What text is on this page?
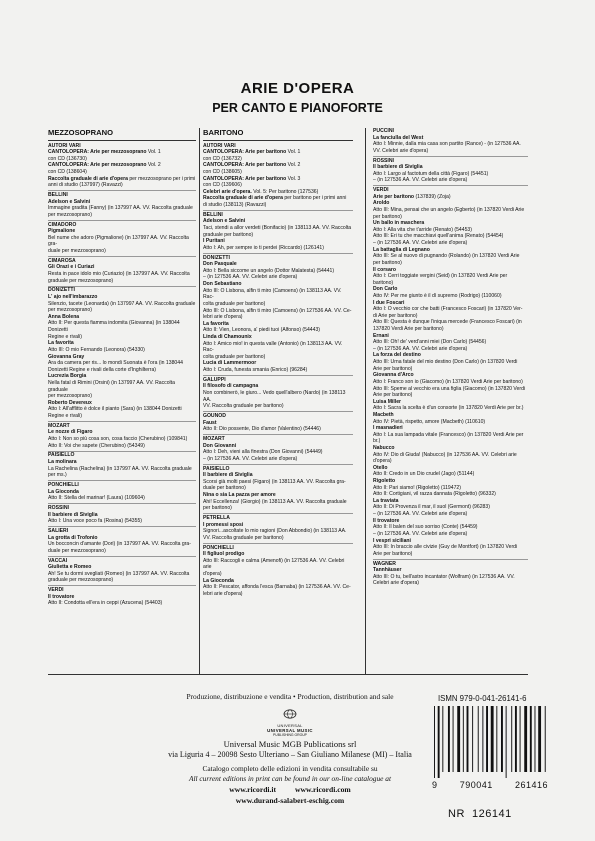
ARIE D'OPERA
PER CANTO E PIANOFORTE
MEZZOSOPRANO
AUTORI VARI
CANTOLOPERA: Arie per mezzosoprano Vol. 1
con CD (136730)
CANTOLOPERA: Arie per mezzosoprano Vol. 2
con CD (138604)
Raccolta graduale di arie d'opera per mezzosoprano per i primi
anni di studio (137997) (Ravazzi)
BELLINI
Adelson e Salvini
Immagine gradita (Fanny) (in 137997 AA. VV. Raccolta graduale
per mezzosoprano)
CIMADORO
Pigmalione
Bel nume che adoro (Pigmalione) (in 137997 AA. VV. Raccolta gra-
duale per mezzosoprano)
CIMAROSA
Gli Orazi e i Curiazi
Resta in pace idolo mio (Curiazio) (in 137997 AA. VV. Raccolta
graduale per mezzosoprano)
DONIZETTI
L' ajo nell'imbarazzo
Silenzio, tacete (Leonarda) (in 137997 AA. VV. Raccolta graduale
per mezzosoprano)
Anna Bolena
Atto II: Per questa fiamma indomita (Giovanna) (in 138044 Donizetti
Regine e rivali)
La favorita
Atto III: O mio Fernando (Leonora) (54330)
Giovanna Gray
Ara da camera per ris... lo mondi Suonata è l'ora (in 138044
Donizetti Regine e rivali della corte d'Inghilterra)
Lucrezia Borgia
Nella fatal di Rimini (Orsini) (in 137997 AA. VV. Raccolta graduale
per mezzosoprano)
Roberto Devereux
Atto I: All'afflitto è dolce il pianto (Sara) (in 138044 Donizetti
Regine e rivali)
MOZART
Le nozze di Figaro
Atto I: Non so più cosa son, cosa faccio (Cherubino) (109841)
Atto II: Voi che sapete (Cherubino) (54349)
PAISIELLO
La molinara
La Rachelina (Rachelina) (in 137997 AA. VV. Raccolta graduale per ms.)
PONCHIELLI
La Gioconda
Atto II: Stella del marinar! (Laura) (109604)
ROSSINI
Il barbiere di Siviglia
Atto I: Una voce poco fa (Rosina) (54355)
SALIERI
La grotta di Trofonio
Un bocconcin d'amante (Dori) (in 137997 AA. VV. Raccolta gra-
duale per mezzosoprano)
VACCAI
Giulietta e Romeo
Ah! Se tu dormi svegliati (Romeo) (in 137997 AA. VV. Raccolta
graduale per mezzosoprano)
VERDI
Il trovatore
Atto II: Condotta ell'era in ceppi (Azucena) (54403)
BARITONO
AUTORI VARI
CANTOLOPERA: Arie per baritono Vol. 1
con CD (136732)
CANTOLOPERA: Arie per baritono Vol. 2
con CD (138605)
CANTOLOPERA: Arie per baritono Vol. 3
con CD (139606)
Celebri arie d'opera. Vol. 5: Per baritono (127536)
Raccolta graduale di arie d'opera per baritono per i primi anni
di studio (138113) (Ravazzi)
BELLINI
Adelson e Salvini
Taci, stendi a allor verdeti (Bonifacio) (in 138113 AA. VV. Raccolta
graduale per baritono)
I Puritani
Atto I: Ah, per sempre io ti perdei (Riccardo) (126141)
DONIZETTI
Don Pasquale
Atto I: Bella siccome un angelo (Dottor Malatesta) (54441)
– (in 127536 AA. VV. Celebri arie d'opera)
Don Sebastiano
Atto III: O Lisbona, alfin ti miro (Camoens) (in 138113 AA. VV. Rac-
colta graduale per baritono)
Atto III: O Lisbona, alfin ti miro (Camoens) (in 127536 AA. VV. Ce-
lebri arie d'opera)
La favorita
Atto II: Vien, Leonora, a' piedi tuoi (Alfonso) (54443)
Linda di Chamounix
Atto I: Amico mio! in questa valle (Antonio) (in 138113 AA. VV. Rac-
colta graduale per baritono)
Lucia di Lammermoor
Atto I: Cruda, funesta smania (Enrico) (96284)
GALUPPI
Il filosofo di campagna
Non combinerò, le giuro... Vedo quell'albero (Nardo) (in 138113 AA.
VV. Raccolta graduale per baritono)
GOUNOD
Faust
Atto II: Dio possente, Dio d'amor (Valentino) (54446)
MOZART
Don Giovanni
Atto I: Deh, vieni alla finestra (Don Giovanni) (54449)
– (in 127536 AA. VV. Celebri arie d'opera)
PAISIELLO
Il barbiere di Siviglia
Scorsi già molti paesi (Figaro) (in 138113 AA. VV. Raccolta gra-
duale per baritono)
Nina o sia La pazza per amore
Ahi! Eccellenza! (Giorgio) (in 138113 AA. VV. Raccolta graduale
per baritono)
PETRELLA
I promessi sposi
Signori...ascoltate lo mio ragioni (Don Abbondio) (in 138113 AA.
VV. Raccolta graduale per baritono)
PONCHIELLI
Il figliuol prodigo
Atto III: Raccogli e calma (Amenofi) (in 127536 AA. VV. Celebri arie
d'opera)
La Gioconda
Atto II: Pescator, affonda l'esca (Barnaba) (in 127536 AA. VV. Ce-
lebri arie d'opera)
PUCCINI
La fanciulla del West
Atto I: Minnie, dalla mia casa son partito (Rance) - (in 127536 AA.
VV. Celebri arie d'opera)
ROSSINI
Il barbiere di Siviglia
Atto I: Largo al factotum della città (Figaro) (54451)
– (in 127536 AA. VV. Celebri arie d'opera)
VERDI
Arie per baritono (137839) (Zoja)
Aroldo
Atto III: Mina, pensai che un angelo (Egberto) (in 137820 Verdi Arie
per baritono)
Un ballo in maschera
Atto I: Alla vita che t'arride (Renato) (54453)
Atto III: Eri tu che macchiavi quell'anima (Renato) (54454)
– (in 127536 AA. VV. Celebri arie d'opera)
La battaglia di Legnano
Atto III: Se al nuovo di pugnando (Rolando) (in 137820 Verdi Arie
per baritono)
Il corsaro
Atto I: Cerri toggiate vergini (Seid) (in 137820 Verdi Arie per baritono)
Don Carlo
Atto IV: Per me giunto è il dì supremo (Rodrigo) (110060)
I due Foscari
Atto I: O vecchio cor che batti (Francesco Foscari) (in 137820 Ver-
di Arie per baritono)
Atto III: Questa è dunque l'iniqua mercede (Francesco Foscari) (in
137820 Verdi Arie per baritono)
Ernani
Atto III: Oh! de' verd'anni miei (Don Carlo) (54456)
– (in 127536 AA. VV. Celebri arie d'opera)
La forza del destino
Atto III: Urna fatale del mio destino (Don Carlo) (in 137820 Verdi
Arie per baritono)
Giovanna d'Arco
Atto I: Franco son io (Giacomo) (in 137820 Verdi Arie per baritono)
Atto III: Speme al vecchio era una figlia (Giacomo) (in 137820 Verdi
Arie per baritono)
Luisa Miller
Atto I: Sacra la scelta è d'un consorte (in 137820 Verdi Arie per br.)
Macbeth
Atto IV: Pietà, rispetto, amore (Macbeth) (110610)
I masnadieri
Atto I: La sua lampada vitale (Francesco) (in 137820 Verdi Arie per br.)
Nabucco
Atto IV: Dio di Giuda! (Nabucco) (in 127536 AA. VV. Celebri arie d'opera)
Otello
Atto II: Credo in un Dio crudel (Jago) (51144)
Rigoletto
Atto II: Pari siamo! (Rigoletto) (119472)
Atto II: Cortigiani, vil razza dannata (Rigoletto) (96332)
La traviata
Atto II: Di Provenza il mar, il suol (Germont) (96283)
– (in 127536 AA. VV. Celebri arie d'opera)
Il trovatore
Atto II: Il balen del suo sorriso (Conte) (54459)
– (in 127536 AA. VV. Celebri arie d'opera)
I vespri siciliani
Atto III: In braccio alle civizie (Guy de Montfort) (in 137820 Verdi
Arie per baritono)
WAGNER
Tannhäuser
Atto III: O tu, bell'astro incantator (Wolfram) (in 127536 AA. VV.
Celebri arie d'opera)
Produzione, distribuzione e vendita • Production, distribution and sale
UNIVERSAL
UNIVERSAL MUSIC
PUBLISHING GROUP
Universal Music MGB Publications srl
via Liguria 4 – 20098 Sesto Ulteriano – San Giuliano Milanese (MI) – Italia
Catalogo completo delle edizioni in vendita consultabile su
All current editions in print can be found in our on-line catalogue at
www.ricordi.it          www.ricordi.com
www.durand-salabert-eschig.com
ISMN 979-0-041-26141-6
9 790041 261416
NR  126141
